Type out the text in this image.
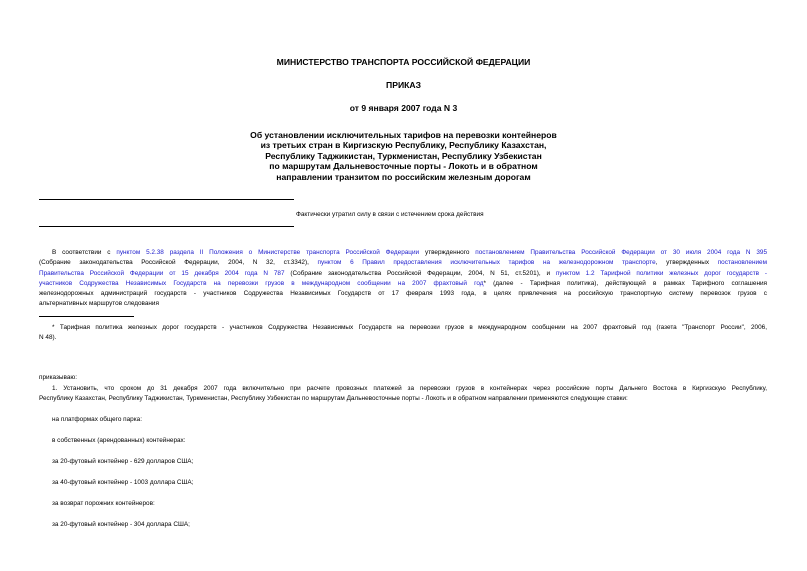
МИНИСТЕРСТВО ТРАНСПОРТА РОССИЙСКОЙ ФЕДЕРАЦИИ
ПРИКАЗ
от 9 января 2007 года N 3
Об установлении исключительных тарифов на перевозки контейнеров
из третьих стран в Киргизскую Республику, Республику Казахстан,
Республику Таджикистан, Туркменистан, Республику Узбекистан
по маршрутам Дальневосточные порты - Локоть и в обратном
направлении транзитом по российским железным дорогам
Фактически утратил силу в связи с истечением срока действия
В соответствии с пунктом 5.2.38 раздела II Положения о Министерстве транспорта Российской Федерации утвержденного постановлением Правительства Российской Федерации от 30 июля 2004 года N 395
(Собрание законодательства Российской Федерации, 2004, N 32, ст.3342), пунктом 6 Правил предоставления исключительных тарифов на железнодорожном транспорте, утвержденных постановлением
Правительства Российской Федерации от 15 декабря 2004 года N 787 (Собрание законодательства Российской Федерации, 2004, N 51, ст.5201), и пунктом 1.2 Тарифной политики железных дорог государств -
участников Содружества Независимых Государств на перевозки грузов в международном сообщении на 2007 фрахтовый год* (далее - Тарифная политика), действующей в рамках Тарифного соглашения
железнодорожных администраций государств - участников Содружества Независимых Государств от 17 февраля 1993 года, в целях привлечения на российскую транспортную систему перевозок грузов с
альтернативных маршрутов следования
* Тарифная политика железных дорог государств - участников Содружества Независимых Государств на перевозки грузов в международном сообщении на 2007 фрахтовый год (газета "Транспорт России", 2006,
N 48).
приказываю:
1. Установить, что сроком до 31 декабря 2007 года включительно при расчете провозных платежей за перевозки грузов в контейнерах через российские порты Дальнего Востока в Киргизскую Республику,
Республику Казахстан, Республику Таджикистан, Туркменистан, Республику Узбекистан по маршрутам Дальневосточные порты - Локоть и в обратном направлении применяются следующие ставки:
на платформах общего парка:
в собственных (арендованных) контейнерах:
за 20-футовый контейнер - 629 долларов США;
за 40-футовый контейнер - 1003 доллара США;
за возврат порожних контейнеров:
за 20-футовый контейнер - 304 доллара США;
